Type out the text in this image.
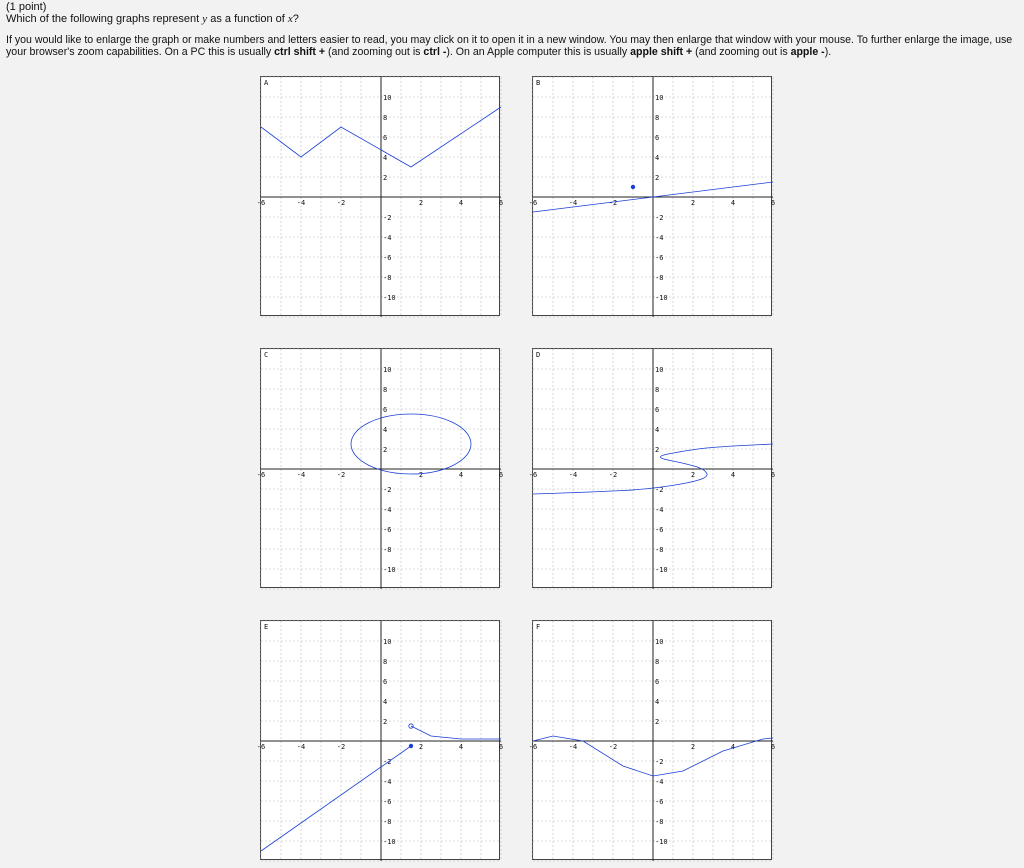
(1 point)
Which of the following graphs represent y as a function of x?
If you would like to enlarge the graph or make numbers and letters easier to read, you may click on it to open it in a new window. You may then enlarge that window with your mouse. To further enlarge the image, use your browser's zoom capabilities. On a PC this is usually ctrl shift + (and zooming out is ctrl -). On an Apple computer this is usually apple shift + (and zooming out is apple -).
-6	-4	-2	2	4	6
10
8
6
4
2
-2
-4
-6
-8
-10
A
-6	-4	-2	2	4	6
10
8
6
4
2
-2
-4
-6
-8
-10
B
-6	-4	-2	2	4	6
10
8
6
4
2
-2
-4
-6
-8
-10
C
-6	-4	-2	2	4	6
10
8
6
4
2
-2
-4
-6
-8
-10
D
-6	-4	-2	2	4	6
10
8
6
4
2
-2
-4
-6
-8
-10
E
-6	-4	-2	2	4	6
10
8
6
4
2
-2
-4
-6
-8
-10
F
